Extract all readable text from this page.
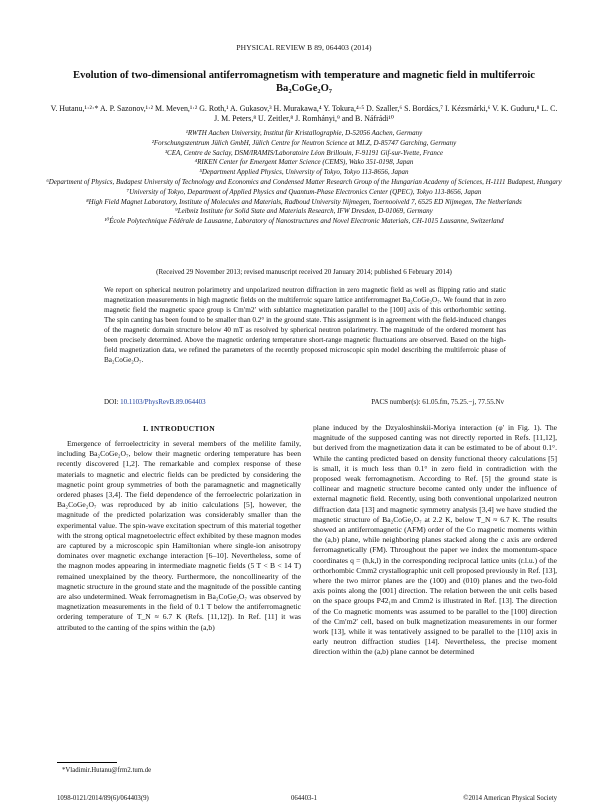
PHYSICAL REVIEW B 89, 064403 (2014)
Evolution of two-dimensional antiferromagnetism with temperature and magnetic field in multiferroic Ba₂CoGe₂O₇
V. Hutanu,¹·²·* A. P. Sazonov,¹·² M. Meven,¹·² G. Roth,¹ A. Gukasov,³ H. Murakawa,⁴ Y. Tokura,⁴·⁵ D. Szaller,⁶ S. Bordács,⁷ I. Kézsmárki,⁶ V. K. Guduru,⁸ L. C. J. M. Peters,⁸ U. Zeitler,⁸ J. Romhányi,⁹ and B. Náfrádi¹⁰
¹RWTH Aachen University, Institut für Kristallographie, D-52056 Aachen, Germany
²Forschungszentrum Jülich GmbH, Jülich Centre for Neutron Science at MLZ, D-85747 Garching, Germany
³CEA, Centre de Saclay, DSM/IRAMIS/Laboratoire Léon Brillouin, F-91191 Gif-sur-Yvette, France
⁴RIKEN Center for Emergent Matter Science (CEMS), Wako 351-0198, Japan
⁵Department Applied Physics, University of Tokyo, Tokyo 113-8656, Japan
⁶Department of Physics, Budapest University of Technology and Economics and Condensed Matter Research Group of the Hungarian Academy of Sciences, H-1111 Budapest, Hungary
⁷University of Tokyo, Department of Applied Physics and Quantum-Phase Electronics Center (QPEC), Tokyo 113-8656, Japan
⁸High Field Magnet Laboratory, Institute of Molecules and Materials, Radboud University Nijmegen, Toernooiveld 7, 6525 ED Nijmegen, The Netherlands
⁹Leibniz Institute for Solid State and Materials Research, IFW Dresden, D-01069, Germany
¹⁰École Polytechnique Fédérale de Lausanne, Laboratory of Nanostructures and Novel Electronic Materials, CH-1015 Lausanne, Switzerland
(Received 29 November 2013; revised manuscript received 20 January 2014; published 6 February 2014)
We report on spherical neutron polarimetry and unpolarized neutron diffraction in zero magnetic field as well as flipping ratio and static magnetization measurements in high magnetic fields on the multiferroic square lattice antiferromagnet Ba₂CoGe₂O₇. We found that in zero magnetic field the magnetic space group is Cm′m2′ with sublattice magnetization parallel to the [100] axis of this orthorhombic setting. The spin canting has been found to be smaller than 0.2° in the ground state. This assignment is in agreement with the field-induced changes of the magnetic domain structure below 40 mT as resolved by spherical neutron polarimetry. The magnitude of the ordered moment has been precisely determined. Above the magnetic ordering temperature short-range magnetic fluctuations are observed. Based on the high-field magnetization data, we refined the parameters of the recently proposed microscopic spin model describing the multiferroic phase of Ba₂CoGe₂O₇.
DOI: 10.1103/PhysRevB.89.064403	PACS number(s): 61.05.fm, 75.25.−j, 77.55.Nv
I. INTRODUCTION
Emergence of ferroelectricity in several members of the melilite family, including Ba₂CoGe₂O₇, below their magnetic ordering temperature has been recently discovered [1,2]. The remarkable and complex response of these materials to magnetic and electric fields can be predicted by considering the magnetic point group symmetries of both the paramagnetic and magnetically ordered phases [3,4]. The field dependence of the ferroelectric polarization in Ba₂CoGe₂O₇ was reproduced by ab initio calculations [5], however, the magnitude of the predicted polarization was considerably smaller than the experimental value. The spin-wave excitation spectrum of this material together with the strong optical magnetoelectric effect exhibited by these magnon modes are captured by a microscopic spin Hamiltonian where single-ion anisotropy dominates over magnetic exchange interaction [6–10]. Nevertheless, some of the magnon modes appearing in intermediate magnetic fields (5 T < B < 14 T) remained unexplained by the theory. Furthermore, the noncollinearity of the magnetic structure in the ground state and the magnitude of the possible canting are also undetermined. Weak ferromagnetism in Ba₂CoGe₂O₇ was observed by magnetization measurements in the field of 0.1 T below the antiferromagnetic ordering temperature of T_N ≈ 6.7 K (Refs. [11,12]). In Ref. [11] it was attributed to the canting of the spins within the (a,b)
plane induced by the Dzyaloshinskii-Moriya interaction (φ′ in Fig. 1). The magnitude of the supposed canting was not directly reported in Refs. [11,12], but derived from the magnetization data it can be estimated to be of about 0.1°. While the canting predicted based on density functional theory calculations [5] is small, it is much less than 0.1° in zero field in contradiction with the proposed weak ferromagnetism. According to Ref. [5] the ground state is collinear and magnetic structure become canted only under the influence of external magnetic field. Recently, using both conventional unpolarized neutron diffraction data [13] and magnetic symmetry analysis [3,4] we have studied the magnetic structure of Ba₂CoGe₂O₇ at 2.2 K, below T_N ≈ 6.7 K. The results showed an antiferromagnetic (AFM) order of the Co magnetic moments within the (a,b) plane, while neighboring planes stacked along the c axis are ordered ferromagnetically (FM). Throughout the paper we index the momentum-space coordinates q = (h,k,l) in the corresponding reciprocal lattice units (r.l.u.) of the orthorhombic Cmm2 crystallographic unit cell proposed previously in Ref. [13], where the two mirror planes are the (100) and (010) planes and the two-fold axis points along the [001] direction. The relation between the unit cells based on the space groups P4̄2₁m and Cmm2 is illustrated in Ref. [13]. The direction of the Co magnetic moments was assumed to be parallel to the [100] direction of the Cm′m2′ cell, based on bulk magnetization measurements in our former work [13], while it was tentatively assigned to be parallel to the [110] axis in early neutron diffraction studies [14]. Nevertheless, the precise moment direction within the (a,b) plane cannot be determined
*Vladimir.Hutanu@frm2.tum.de
1098-0121/2014/89(6)/064403(9)	064403-1	©2014 American Physical Society
